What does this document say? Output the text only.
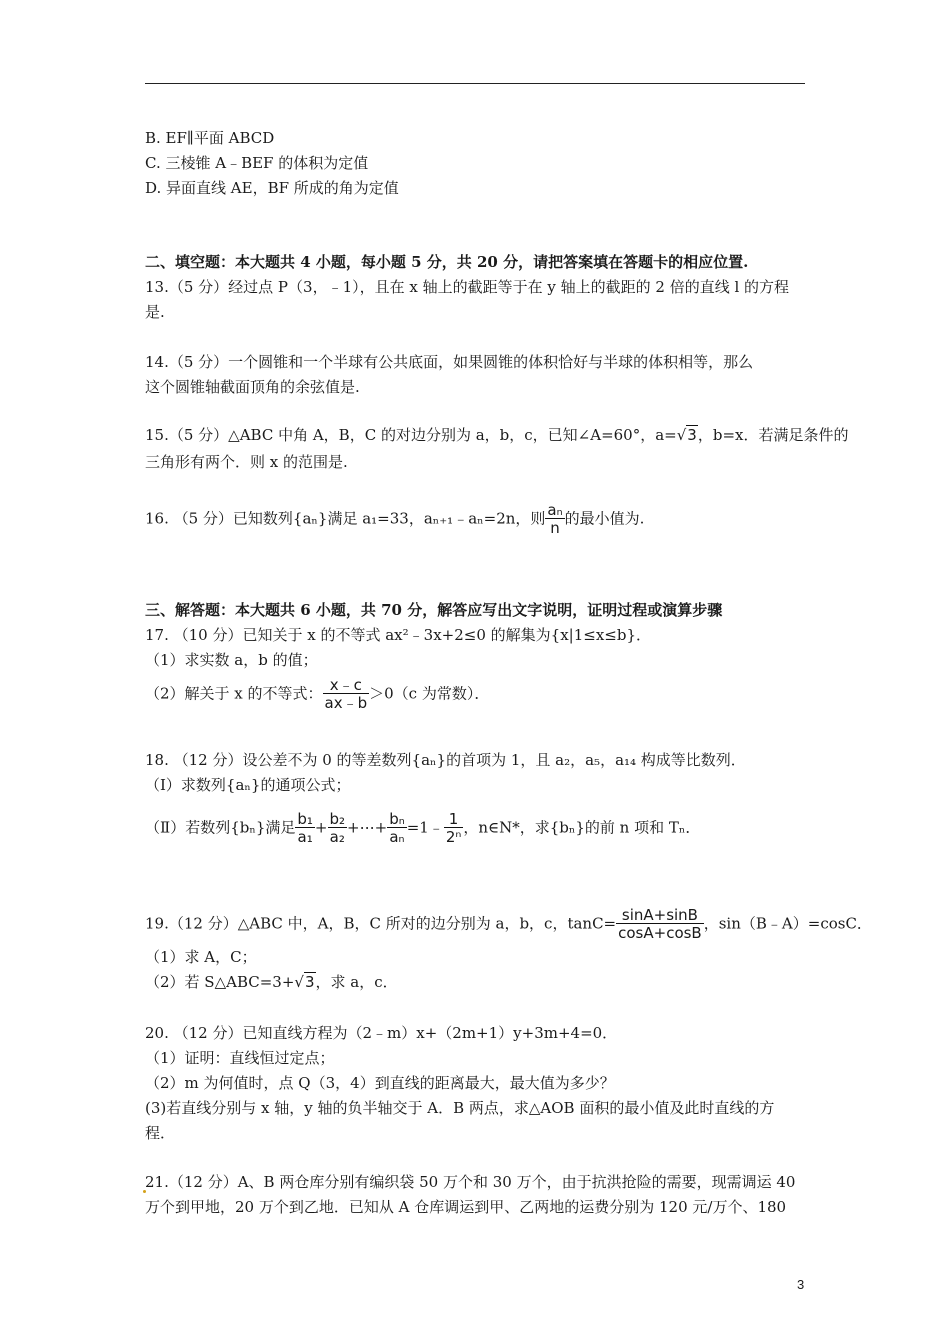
B. EF∥平面 ABCD
C. 三棱锥 A﹣BEF 的体积为定值
D. 异面直线 AE，BF 所成的角为定值
二、填空题：本大题共 4 小题，每小题 5 分，共 20 分，请把答案填在答题卡的相应位置.
13.（5 分）经过点 P（3，﹣1），且在 x 轴上的截距等于在 y 轴上的截距的 2 倍的直线 l 的方程
是.
14.（5 分）一个圆锥和一个半球有公共底面，如果圆锥的体积恰好与半球的体积相等，那么
这个圆锥轴截面顶角的余弦值是.
15.（5 分）△ABC 中角 A，B，C 的对边分别为 a，b，c，已知∠A=60°，a=√3，b=x．若满足条件的
三角形有两个．则 x 的范围是.
16. （5 分）已知数列{aₙ}满足 a₁=33，aₙ₊₁﹣aₙ=2n，则 $\frac{\text{aₙ}}{n}$ 的最小值为.
三、解答题：本大题共 6 小题，共 70 分，解答应写出文字说明，证明过程或演算步骤
17. （10 分）已知关于 x 的不等式 ax²﹣3x+2≤0 的解集为{x|1≤x≤b}．
（1）求实数 a，b 的值；
（2）解关于 x 的不等式： $\frac{x﹣c}{ax﹣b} >0(c$ 为常数）．
18. （12 分）设公差不为 0 的等差数列{aₙ}的首项为 1，且 a₂，a₅，a₁₄ 构成等比数列．
（Ⅰ）求数列{aₙ}的通项公式；
（Ⅱ）若数列{bₙ}满足 $\frac{\text{b₁}}{\text{a₁}} + \frac{\text{b₂}}{\text{a₂}}$ +⋯+ $\frac{\text{bₙ}}{\text{aₙ}}$ =1﹣ $\frac{1}{\text{2ⁿ}}$ ，n∈N*，求{bₙ}的前 n 项和 Tₙ．
19.（12 分）△ABC 中，A，B，C 所对的边分别为 a，b，c，$\tan C= \frac{\sin A+\sin B}{\cos A+\cos B}$ ，sin（B﹣A）=cosC．
（1）求 A，C；
（2）若 S△ABC=3+√3，求 a，c．
20. （12 分）已知直线方程为（2﹣m）x+（2m+1）y+3m+4=0．
（1）证明：直线恒过定点；
（2）m 为何值时，点 Q（3，4）到直线的距离最大，最大值为多少？
(3)若直线分别与 x 轴，y 轴的负半轴交于 A．B 两点，求△AOB 面积的最小值及此时直线的方
程．
21.（12 分）A、B 两仓库分别有编织袋 50 万个和 30 万个，由于抗洪抢险的需要，现需调运 40
万个到甲地，20 万个到乙地．已知从 A 仓库调运到甲、乙两地的运费分别为 120 元/万个、180
3
